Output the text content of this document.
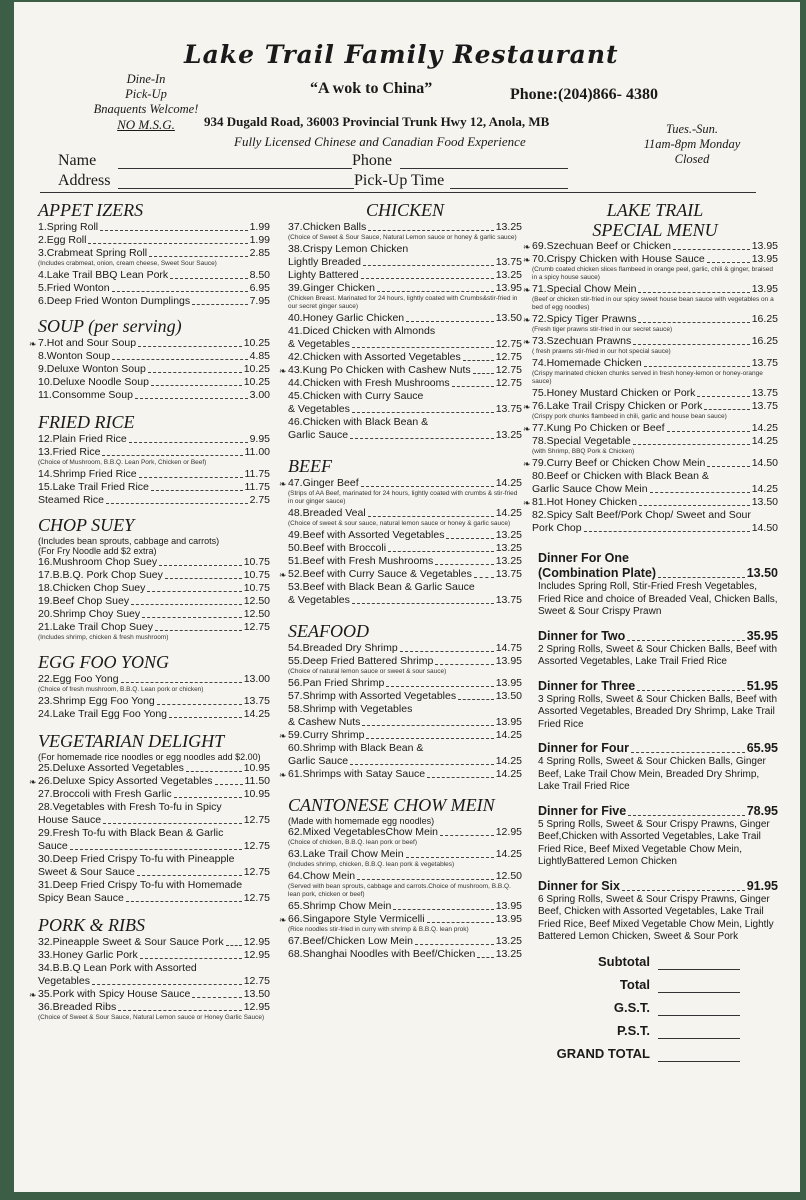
Lake Trail Family Restaurant
Dine-In
Pick-Up
Bnaquents Welcome!
NO M.S.G.
“A wok to China”	Phone:(204)866- 4380
934 Dugald Road, 36003 Provincial Trunk Hwy 12, Anola, MB
Fully Licensed Chinese and Canadian Food Experience
Tues.-Sun.
11am-8pm Monday
Closed
Name	Phone
Address	Pick-Up Time
APPET IZERS
1.Spring Roll	1.99
2.Egg Roll	1.99
3.Crabmeat Spring Roll	2.85
(Includes crabmeat, onion, cream cheese, Sweet Sour Sauce)
4.Lake Trail BBQ Lean Pork	8.50
5.Fried Wonton	6.95
6.Deep Fried Wonton Dumplings	7.95
SOUP (per serving)
❧ 7.Hot and Sour Soup	10.25
8.Wonton Soup	4.85
9.Deluxe Wonton Soup	10.25
10.Deluxe Noodle Soup	10.25
11.Consomme Soup	3.00
FRIED RICE
12.Plain Fried Rice	9.95
13.Fried Rice	11.00
(Choice of Mushroom, B.B.Q. Lean Pork, Chicken or Beef)
14.Shrimp Fried Rice	11.75
15.Lake Trail Fried Rice	11.75
Steamed Rice	2.75
CHOP SUEY
(Includes bean sprouts, cabbage and carrots)
(For Fry Noodle add $2 extra)
16.Mushroom Chop Suey	10.75
17.B.B.Q. Pork Chop Suey	10.75
18.Chicken Chop Suey	10.75
19.Beef Chop Suey	12.50
20.Shrimp Choy Suey	12.50
21.Lake Trail Chop Suey	12.75
(Includes shrimp, chicken & fresh mushroom)
EGG FOO YONG
22.Egg Foo Yong	13.00
(Choice of fresh mushroom, B.B.Q. Lean pork or chicken)
23.Shrimp Egg Foo Yong	13.75
24.Lake Trail Egg Foo Yong	14.25
VEGETARIAN DELIGHT
(For homemade rice noodles or egg noodles add $2.00)
25.Deluxe Assorted Vegetables	10.95
❧ 26.Deluxe Spicy Assorted Vegetables	11.50
27.Broccoli with Fresh Garlic	10.95
28.Vegetables with Fresh To-fu in Spicy
House Sauce	12.75
29.Fresh To-fu with Black Bean & Garlic
Sauce	12.75
30.Deep Fried Crispy To-fu with Pineapple
Sweet & Sour Sauce	12.75
31.Deep Fried Crispy To-fu with Homemade
Spicy Bean Sauce	12.75
PORK & RIBS
32.Pineapple Sweet & Sour Sauce Pork 12.95
33.Honey Garlic Pork	12.95
34.B.B.Q Lean Pork with Assorted
Vegetables	12.75
❧ 35.Pork with Spicy House Sauce	13.50
36.Breaded Ribs	12.95
(Choice of Sweet & Sour Sauce, Natural Lemon sauce or Honey Garlic Sauce)
CHICKEN
37.Chicken Balls	13.25
(Choice of Sweet & Sour Sauce, Natural Lemon sauce or honey & garlic sauce)
38.Crispy Lemon Chicken
Lightly Breaded	13.75
Lighty Battered	13.25
39.Ginger Chicken	13.95
(Chicken Breast. Marinated for 24 hours, lightly coated with Crumbs&stir-fried in our secret ginger sauce)
40.Honey Garlic Chicken	13.50
41.Diced Chicken with Almonds
& Vegetables	12.75
42.Chicken with Assorted Vegetables	12.75
❧ 43.Kung Po Chicken with Cashew Nuts 12.75
44.Chicken with Fresh Mushrooms	12.75
45.Chicken with Curry Sauce
& Vegetables	13.75
46.Chicken with Black Bean &
Garlic Sauce	13.25
BEEF
❧ 47.Ginger Beef	14.25
(Strips of AA Beef, marinated for 24 hours, lightly coated with crumbs & stir-fried in our ginger sauce)
48.Breaded Veal	14.25
(Choice of sweet & sour sauce, natural lemon sauce or honey & garlic sauce)
49.Beef with Assorted Vegetables	13.25
50.Beef with Broccoli	13.25
51.Beef with Fresh Mushrooms	13.25
❧ 52.Beef with Curry Sauce & Vegetables 13.75
53.Beef with Black Bean & Garlic Sauce
& Vegetables	13.75
SEAFOOD
54.Breaded Dry Shrimp	14.75
55.Deep Fried Battered Shrimp	13.95
(Choice of natural lemon sauce or sweet & sour sauce)
56.Pan Fried Shrimp	13.95
57.Shrimp with Assorted Vegetables	13.50
58.Shrimp with Vegetables
& Cashew Nuts	13.95
❧ 59.Curry Shrimp	14.25
60.Shrimp with Black Bean &
Garlic Sauce	14.25
❧ 61.Shrimps with Satay Sauce	14.25
CANTONESE CHOW MEIN
(Made with homemade egg noodles)
62.Mixed VegetablesChow Mein	12.95
(Choice of chicken, B.B.Q. lean pork or beef)
63.Lake Trail Chow Mein	14.25
(Includes shrimp, chicken, B.B.Q. lean pork & vegetables)
64.Chow Mein	12.50
(Served with bean sprouts, cabbage and carrots.Choice of mushroom, B.B.Q. lean pork, chicken or beef)
65.Shrimp Chow Mein	13.95
❧ 66.Singapore Style Vermicelli	13.95
(Rice noodles stir-fried in curry with shrimp & B.B.Q. lean prok)
67.Beef/Chicken Low Mein	13.25
68.Shanghai Noodles with Beef/Chicken 13.25
LAKE TRAIL
SPECIAL MENU
❧ 69.Szechuan Beef or Chicken	13.95
❧ 70.Crispy Chicken with House Sauce	13.95
(Crumb coated chicken slices flambeed in orange peel, garlic, chili & ginger, braised in a spicy house sauce)
❧ 71.Special Chow Mein	13.95
(Beef or chicken stir-fried in our spicy sweet house bean sauce with vegetables on a bed of egg noodles)
❧ 72.Spicy Tiger Prawns	16.25
(Fresh tiger prawns stir-fried in our secret sauce)
❧ 73.Szechuan Prawns	16.25
( fresh prawns stir-fried in our hot special sauce)
74.Homemade Chicken	13.75
(Crispy marinated chicken chunks served in fresh honey-lemon or honey-orange sauce)
75.Honey Mustard Chicken or Pork	13.75
❧ 76.Lake Trail Crispy Chicken or Pork	13.75
(Crispy pork chunks flambeed in chili, garlic and house bean sauce)
❧ 77.Kung Po Chicken or Beef	14.25
78.Special Vegetable	14.25
(with Shrimp, BBQ Pork & Chicken)
❧ 79.Curry Beef or Chicken Chow Mein	14.50
80.Beef or Chicken with Black Bean &
Garlic Sauce Chow Mein	14.25
❧ 81.Hot Honey Chicken	13.50
82.Spicy Salt Beef/Pork Chop/ Sweet and Sour
Pork Chop	14.50
Dinner For One
(Combination Plate)	13.50
Includes Spring Roll, Stir-Fried Fresh Vegetables, Fried Rice and choice of Breaded Veal, Chicken Balls, Sweet & Sour Crispy Prawn
Dinner for Two	35.95
2 Spring Rolls, Sweet & Sour Chicken Balls, Beef with Assorted Vegetables, Lake Trail Fried Rice
Dinner for Three	51.95
3 Spring Rolls, Sweet & Sour Chicken Balls, Beef with Assorted Vegetables, Breaded Dry Shrimp, Lake Trail Fried Rice
Dinner for Four	65.95
4 Spring Rolls, Sweet & Sour Chicken Balls, Ginger Beef, Lake Trail Chow Mein, Breaded Dry Shrimp, Lake Trail Fried Rice
Dinner for Five	78.95
5 Spring Rolls, Sweet & Sour Crispy Prawns, Ginger Beef,Chicken with Assorted Vegetables, Lake Trail Fried Rice, Beef Mixed Vegetable Chow Mein, LightlyBattered Lemon Chicken
Dinner for Six	91.95
6 Spring Rolls, Sweet & Sour Crispy Prawns, Ginger Beef, Chicken with Assorted Vegetables, Lake Trail Fried Rice, Beef Mixed Vegetable Chow Mein, Lightly Battered Lemon Chicken, Sweet & Sour Pork
Subtotal
Total
G.S.T.
P.S.T.
GRAND TOTAL
